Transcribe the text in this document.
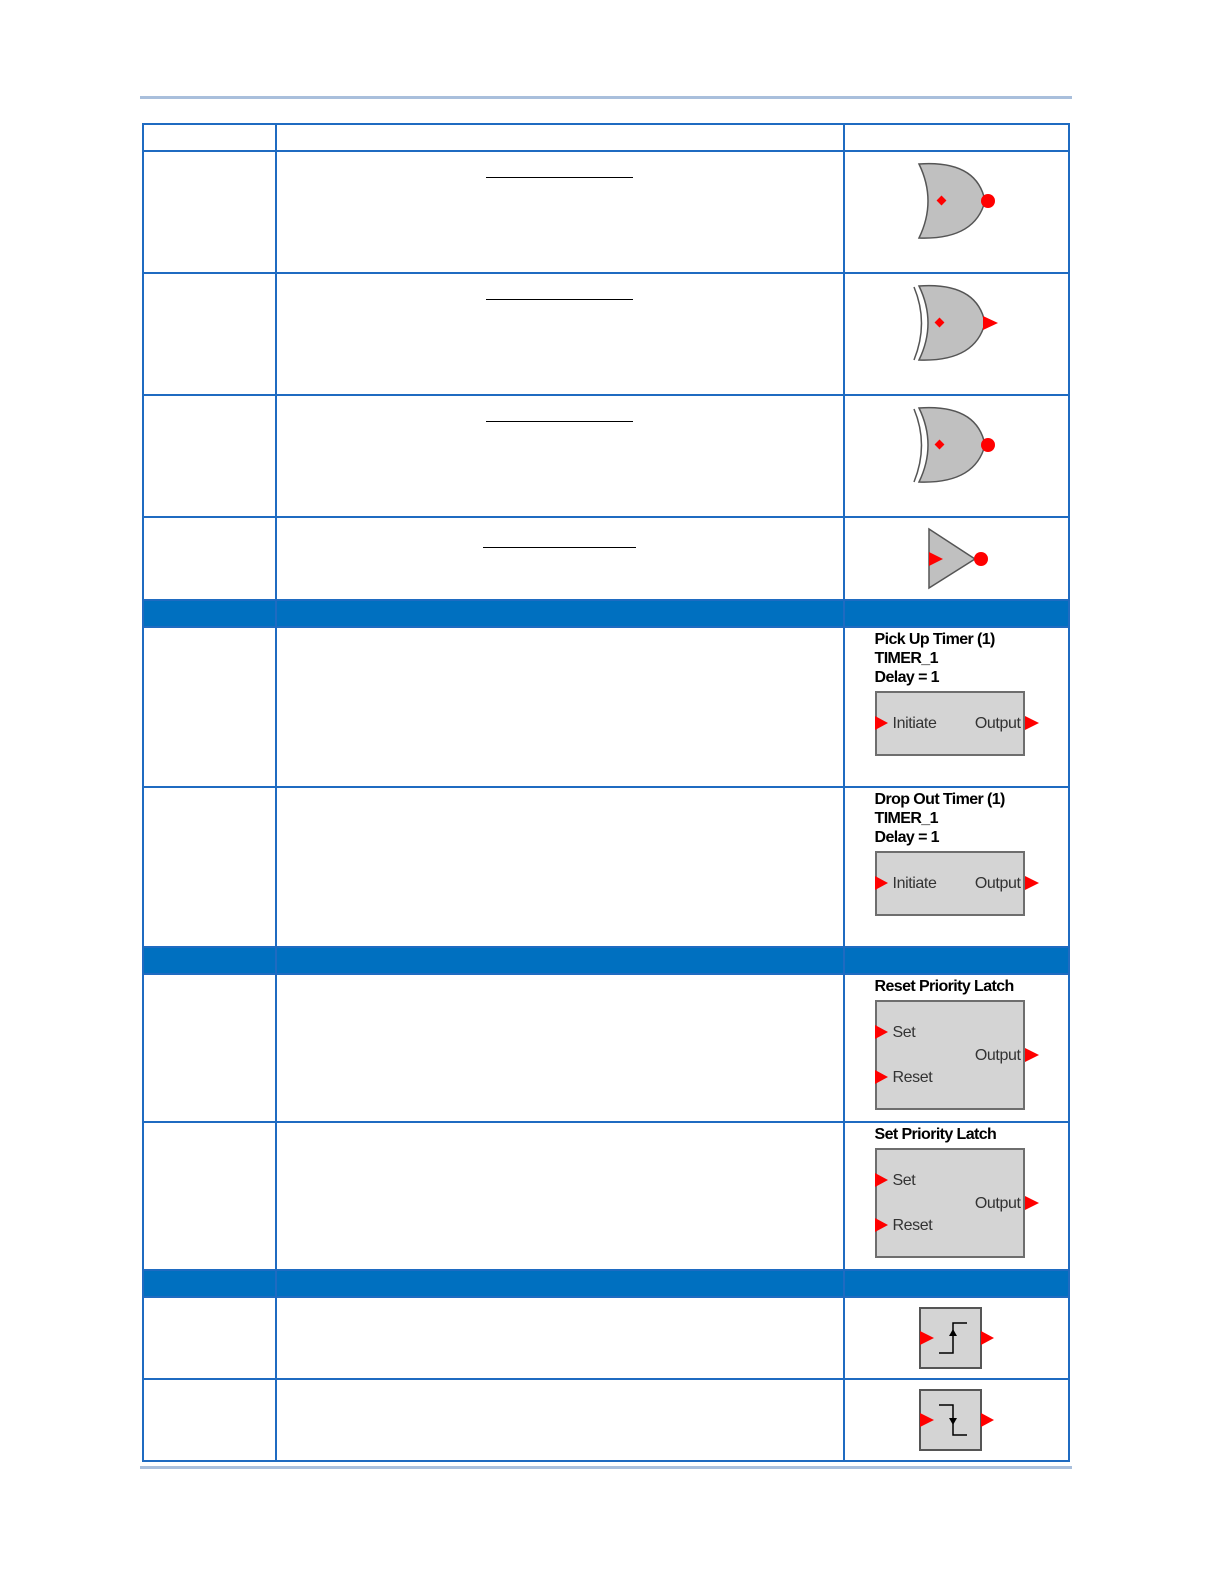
		Pick Up Timer (1)
TIMER_1
Delay = 1
Initiate Output

		Drop Out Timer (1)
TIMER_1
Delay = 1
Initiate Output

		Reset Priority Latch
Set
Reset
Output

		Set Priority Latch
Set
Reset
Output
